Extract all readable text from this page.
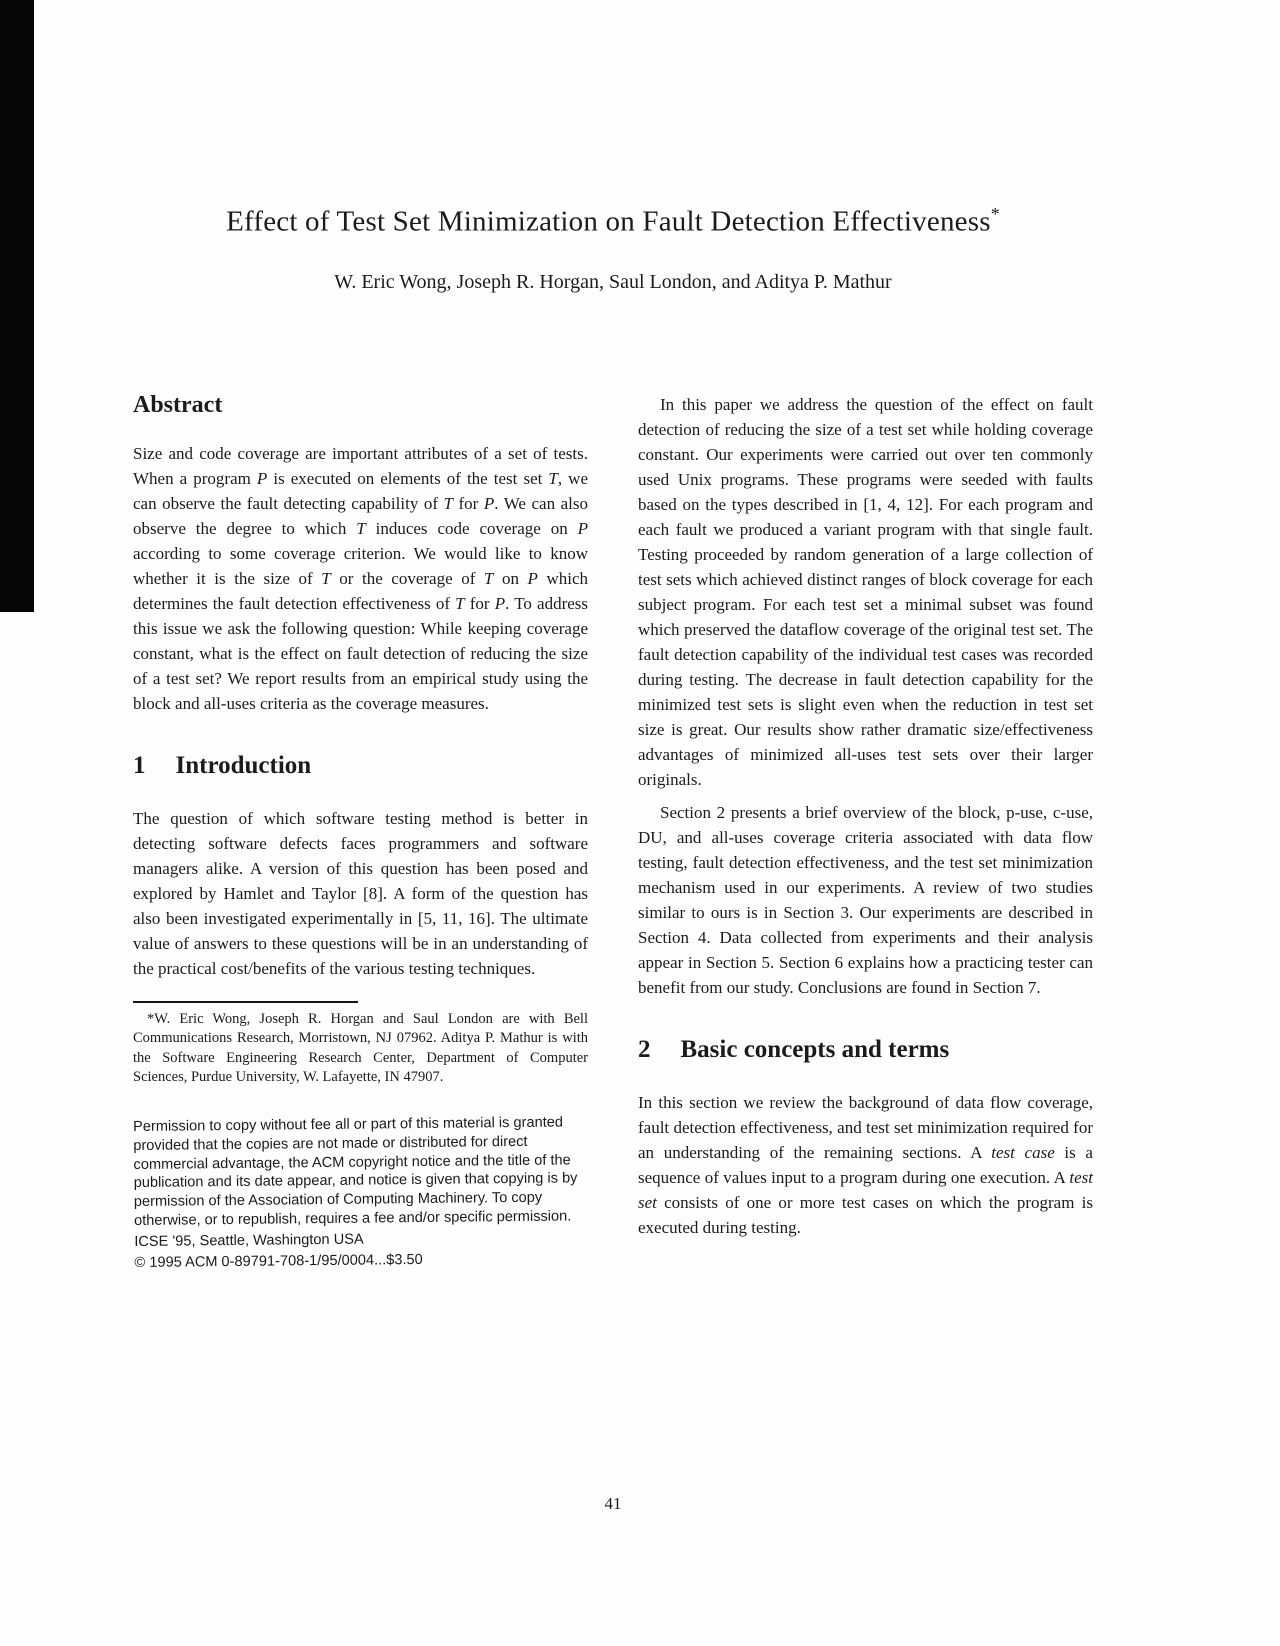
Effect of Test Set Minimization on Fault Detection Effectiveness*
W. Eric Wong, Joseph R. Horgan, Saul London, and Aditya P. Mathur
Abstract

Size and code coverage are important attributes of a set of tests. When a program P is executed on elements of the test set T, we can observe the fault detecting capability of T for P. We can also observe the degree to which T induces code coverage on P according to some coverage criterion. We would like to know whether it is the size of T or the coverage of T on P which determines the fault detection effectiveness of T for P. To address this issue we ask the following question: While keeping coverage constant, what is the effect on fault detection of reducing the size of a test set? We report results from an empirical study using the block and all-uses criteria as the coverage measures.

1 Introduction

The question of which software testing method is better in detecting software defects faces programmers and software managers alike. A version of this question has been posed and explored by Hamlet and Taylor [8]. A form of the question has also been investigated experimentally in [5, 11, 16]. The ultimate value of answers to these questions will be in an understanding of the practical cost/benefits of the various testing techniques.

*W. Eric Wong, Joseph R. Horgan and Saul London are with Bell Communications Research, Morristown, NJ 07962. Aditya P. Mathur is with the Software Engineering Research Center, Department of Computer Sciences, Purdue University, W. Lafayette, IN 47907.

Permission to copy without fee all or part of this material is granted provided that the copies are not made or distributed for direct commercial advantage, the ACM copyright notice and the title of the publication and its date appear, and notice is given that copying is by permission of the Association of Computing Machinery. To copy otherwise, or to republish, requires a fee and/or specific permission.

ICSE '95, Seattle, Washington USA

© 1995 ACM 0-89791-708-1/95/0004...$3.50

In this paper we address the question of the effect on fault detection of reducing the size of a test set while holding coverage constant. Our experiments were carried out over ten commonly used Unix programs. These programs were seeded with faults based on the types described in [1, 4, 12]. For each program and each fault we produced a variant program with that single fault. Testing proceeded by random generation of a large collection of test sets which achieved distinct ranges of block coverage for each subject program. For each test set a minimal subset was found which preserved the dataflow coverage of the original test set. The fault detection capability of the individual test cases was recorded during testing. The decrease in fault detection capability for the minimized test sets is slight even when the reduction in test set size is great. Our results show rather dramatic size/effectiveness advantages of minimized all-uses test sets over their larger originals.

Section 2 presents a brief overview of the block, p-use, c-use, DU, and all-uses coverage criteria associated with data flow testing, fault detection effectiveness, and the test set minimization mechanism used in our experiments. A review of two studies similar to ours is in Section 3. Our experiments are described in Section 4. Data collected from experiments and their analysis appear in Section 5. Section 6 explains how a practicing tester can benefit from our study. Conclusions are found in Section 7.

2 Basic concepts and terms

In this section we review the background of data flow coverage, fault detection effectiveness, and test set minimization required for an understanding of the remaining sections. A test case is a sequence of values input to a program during one execution. A test set consists of one or more test cases on which the program is executed during testing.

41
